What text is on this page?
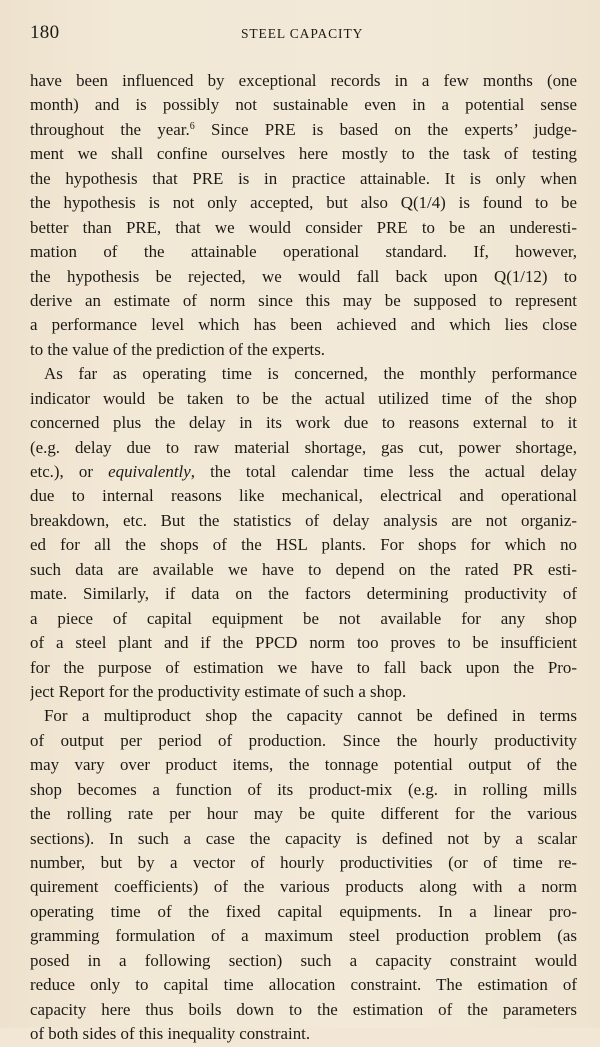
180	STEEL CAPACITY
have been influenced by exceptional records in a few months (one
month) and is possibly not sustainable even in a potential sense
throughout the year.$^6$ Since PRE is based on the experts’ judge-
ment we shall confine ourselves here mostly to the task of testing
the hypothesis that PRE is in practice attainable. It is only when
the hypothesis is not only accepted, but also Q(1/4) is found to be
better than PRE, that we would consider PRE to be an underesti-
mation of the attainable operational standard. If, however,
the hypothesis be rejected, we would fall back upon Q(1/12) to
derive an estimate of norm since this may be supposed to represent
a performance level which has been achieved and which lies close
to the value of the prediction of the experts.
As far as operating time is concerned, the monthly performance
indicator would be taken to be the actual utilized time of the shop
concerned plus the delay in its work due to reasons external to it
(e.g. delay due to raw material shortage, gas cut, power shortage,
etc.), or equivalently, the total calendar time less the actual delay
due to internal reasons like mechanical, electrical and operational
breakdown, etc. But the statistics of delay analysis are not organiz-
ed for all the shops of the HSL plants. For shops for which no
such data are available we have to depend on the rated PR esti-
mate. Similarly, if data on the factors determining productivity of
a piece of capital equipment be not available for any shop
of a steel plant and if the PPCD norm too proves to be insufficient
for the purpose of estimation we have to fall back upon the Pro-
ject Report for the productivity estimate of such a shop.
For a multiproduct shop the capacity cannot be defined in terms
of output per period of production. Since the hourly productivity
may vary over product items, the tonnage potential output of the
shop becomes a function of its product-mix (e.g. in rolling mills
the rolling rate per hour may be quite different for the various
sections). In such a case the capacity is defined not by a scalar
number, but by a vector of hourly productivities (or of time re-
quirement coefficients) of the various products along with a norm
operating time of the fixed capital equipments. In a linear pro-
gramming formulation of a maximum steel production problem (as
posed in a following section) such a capacity constraint would
reduce only to capital time allocation constraint. The estimation of
capacity here thus boils down to the estimation of the parameters
of both sides of this inequality constraint.
